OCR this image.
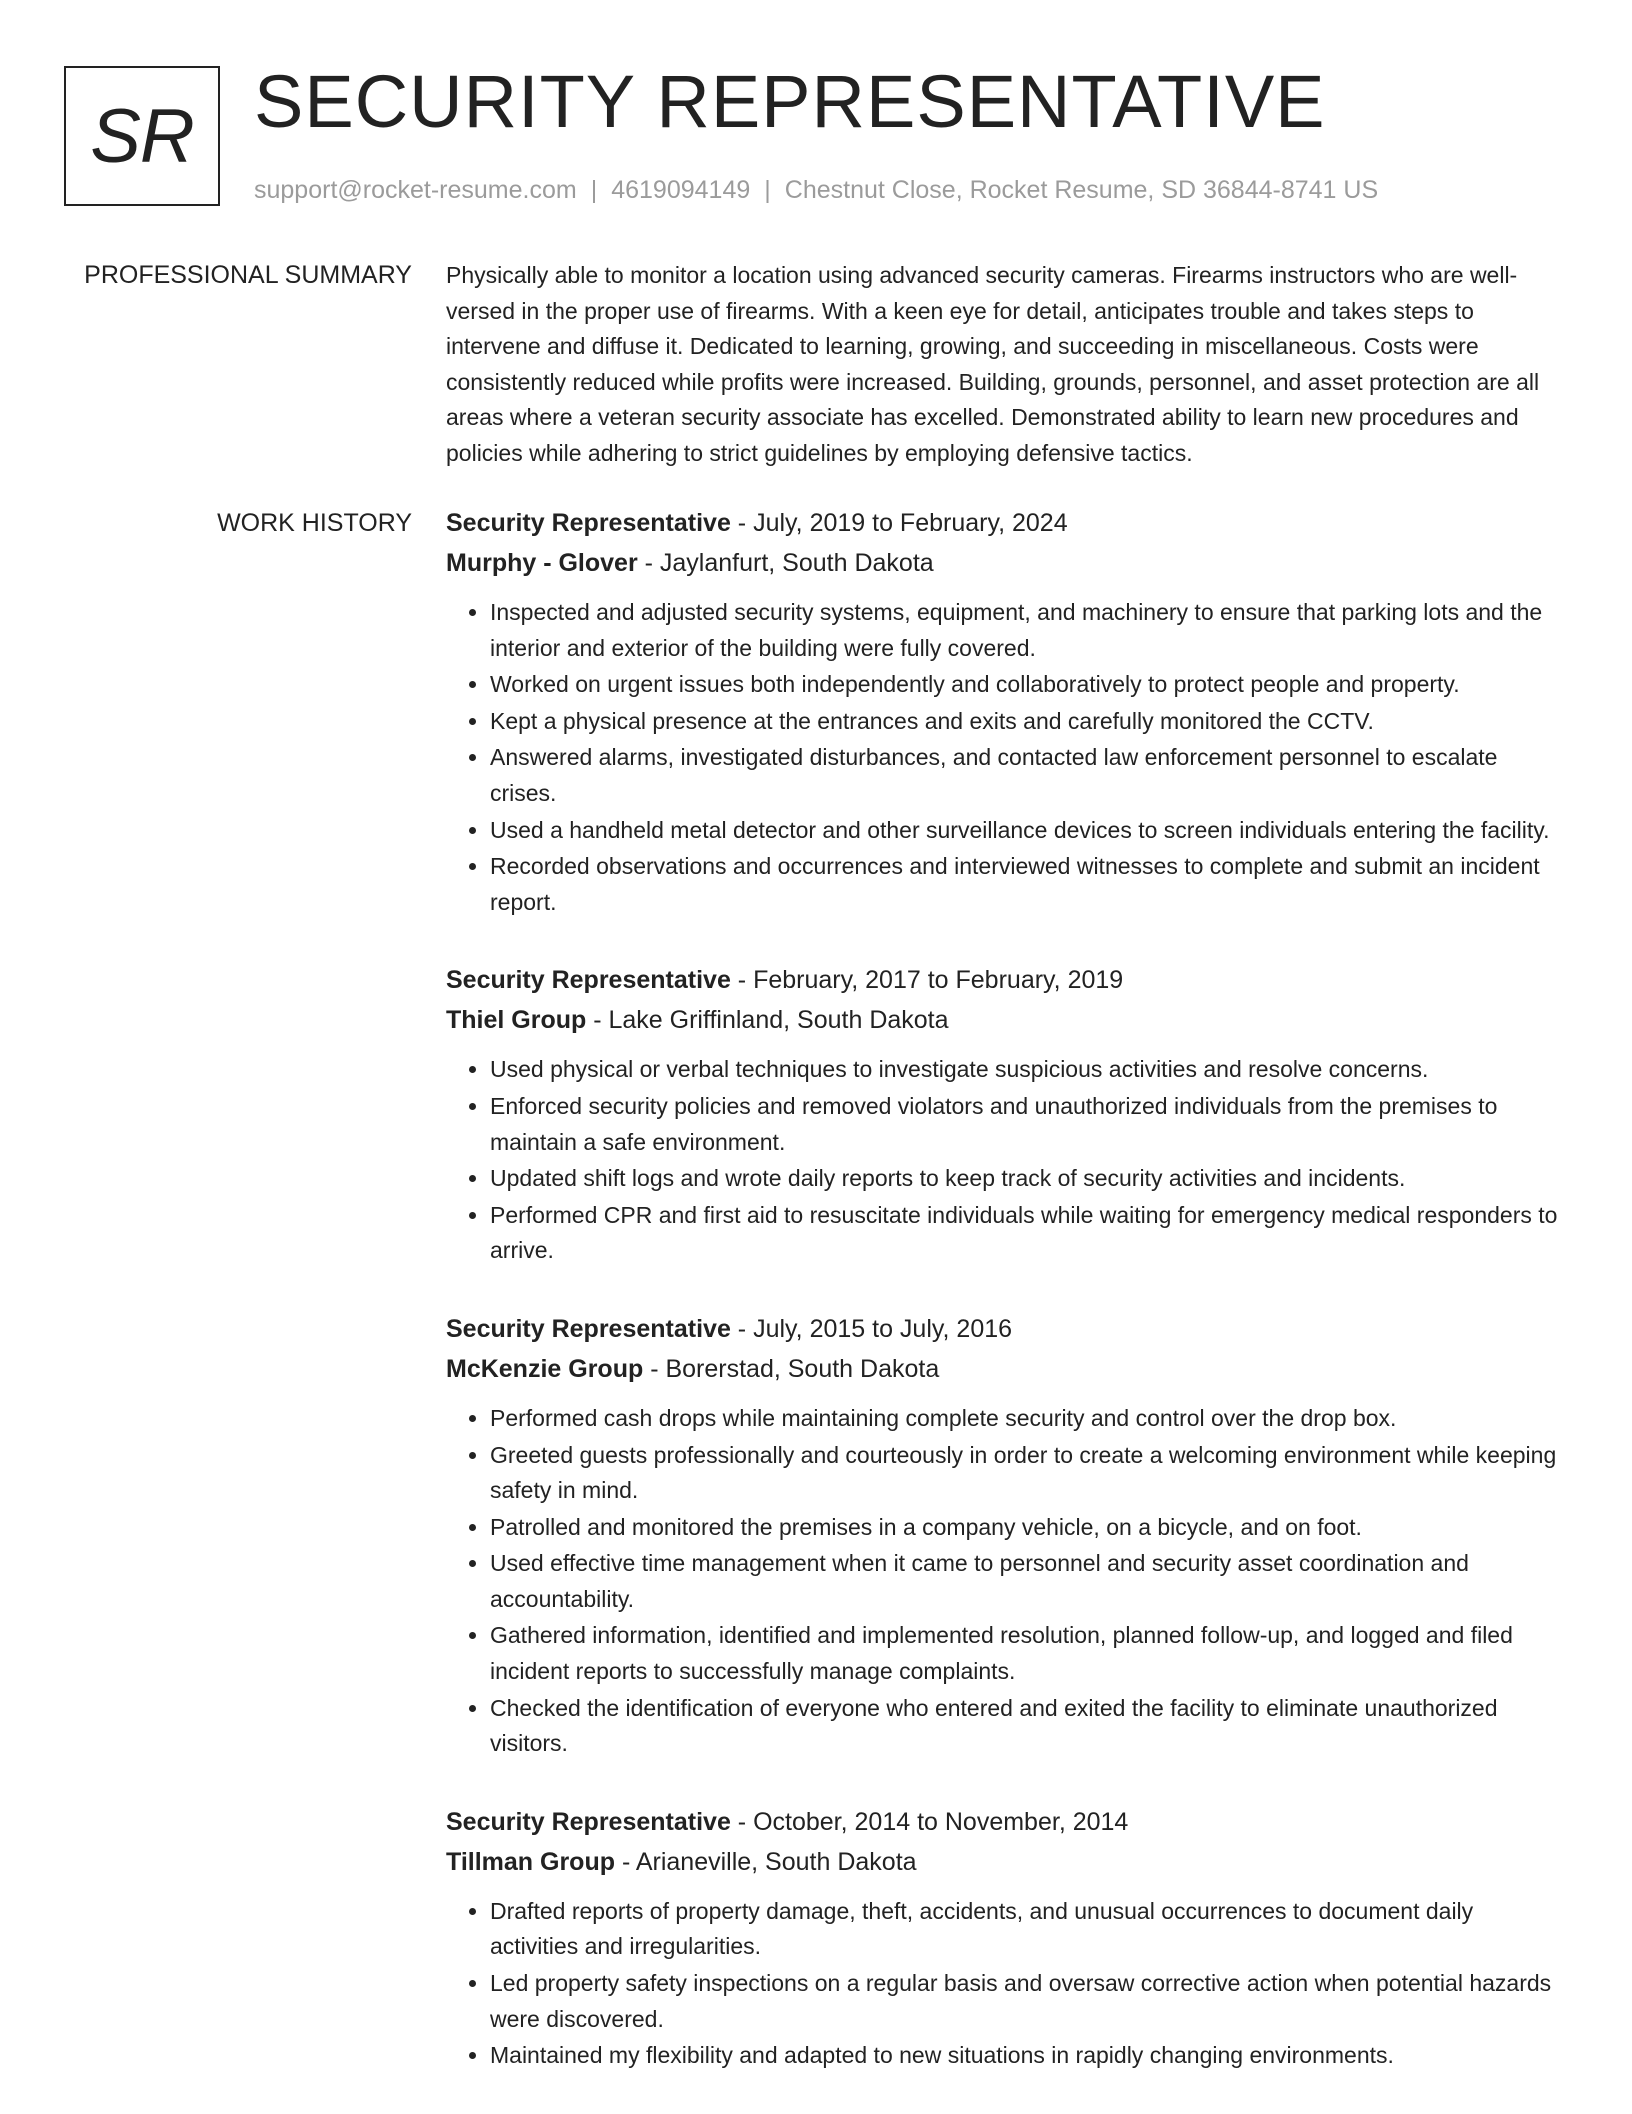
SR SECURITY REPRESENTATIVE
support@rocket-resume.com | 4619094149 | Chestnut Close, Rocket Resume, SD 36844-8741 US
PROFESSIONAL SUMMARY Physically able to monitor a location using advanced security cameras. Firearms instructors who are well-versed in the proper use of firearms. With a keen eye for detail, anticipates trouble and takes steps to intervene and diffuse it. Dedicated to learning, growing, and succeeding in miscellaneous. Costs were consistently reduced while profits were increased. Building, grounds, personnel, and asset protection are all areas where a veteran security associate has excelled. Demonstrated ability to learn new procedures and policies while adhering to strict guidelines by employing defensive tactics.

WORK HISTORY Security Representative - July, 2019 to February, 2024
Murphy - Glover - Jaylanfurt, South Dakota
• Inspected and adjusted security systems, equipment, and machinery to ensure that parking lots and the interior and exterior of the building were fully covered.
• Worked on urgent issues both independently and collaboratively to protect people and property.
• Kept a physical presence at the entrances and exits and carefully monitored the CCTV.
• Answered alarms, investigated disturbances, and contacted law enforcement personnel to escalate crises.
• Used a handheld metal detector and other surveillance devices to screen individuals entering the facility.
• Recorded observations and occurrences and interviewed witnesses to complete and submit an incident report.
Security Representative - February, 2017 to February, 2019
Thiel Group - Lake Griffinland, South Dakota
• Used physical or verbal techniques to investigate suspicious activities and resolve concerns.
• Enforced security policies and removed violators and unauthorized individuals from the premises to maintain a safe environment.
• Updated shift logs and wrote daily reports to keep track of security activities and incidents.
• Performed CPR and first aid to resuscitate individuals while waiting for emergency medical responders to arrive.
Security Representative - July, 2015 to July, 2016
McKenzie Group - Borerstad, South Dakota
• Performed cash drops while maintaining complete security and control over the drop box.
• Greeted guests professionally and courteously in order to create a welcoming environment while keeping safety in mind.
• Patrolled and monitored the premises in a company vehicle, on a bicycle, and on foot.
• Used effective time management when it came to personnel and security asset coordination and accountability.
• Gathered information, identified and implemented resolution, planned follow-up, and logged and filed incident reports to successfully manage complaints.
• Checked the identification of everyone who entered and exited the facility to eliminate unauthorized visitors.
Security Representative - October, 2014 to November, 2014
Tillman Group - Arianeville, South Dakota
• Drafted reports of property damage, theft, accidents, and unusual occurrences to document daily activities and irregularities.
• Led property safety inspections on a regular basis and oversaw corrective action when potential hazards were discovered.
• Maintained my flexibility and adapted to new situations in rapidly changing environments.
